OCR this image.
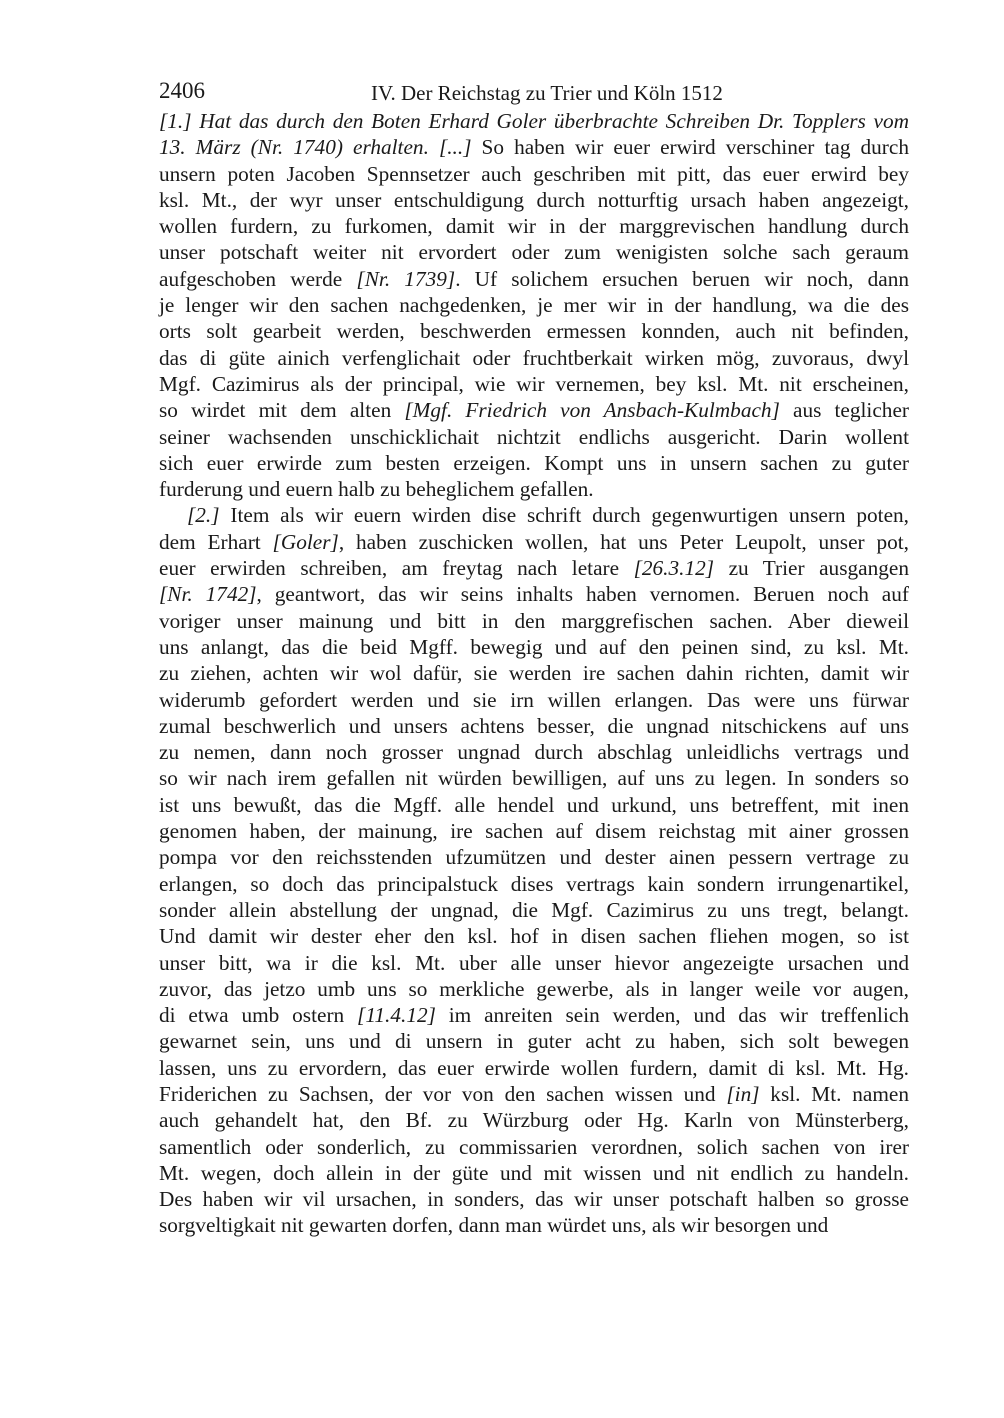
2406	IV. Der Reichstag zu Trier und Köln 1512
[1.] Hat das durch den Boten Erhard Goler überbrachte Schreiben Dr. Topplers vom
13. März (Nr. 1740) erhalten. [...] So haben wir euer erwird verschiner tag durch
unsern poten Jacoben Spennsetzer auch geschriben mit pitt, das euer erwird bey
ksl. Mt., der wyr unser entschuldigung durch notturftig ursach haben angezeigt,
wollen furdern, zu furkomen, damit wir in der marggrevischen handlung durch
unser potschaft weiter nit ervordert oder zum wenigisten solche sach geraum
aufgeschoben werde [Nr. 1739]. Uf solichem ersuchen beruen wir noch, dann
je lenger wir den sachen nachgedenken, je mer wir in der handlung, wa die des
orts solt gearbeit werden, beschwerden ermessen konnden, auch nit befinden,
das di güte ainich verfenglichait oder fruchtberkait wirken mög, zuvoraus, dwyl
Mgf. Cazimirus als der principal, wie wir vernemen, bey ksl. Mt. nit erscheinen,
so wirdet mit dem alten [Mgf. Friedrich von Ansbach-Kulmbach] aus teglicher
seiner wachsenden unschicklichait nichtzit endlichs ausgericht. Darin wollent
sich euer erwirde zum besten erzeigen. Kompt uns in unsern sachen zu guter
furderung und euern halb zu beheglichem gefallen.
[2.] Item als wir euern wirden dise schrift durch gegenwurtigen unsern poten,
dem Erhart [Goler], haben zuschicken wollen, hat uns Peter Leupolt, unser pot,
euer erwirden schreiben, am freytag nach letare [26.3.12] zu Trier ausgangen
[Nr. 1742], geantwort, das wir seins inhalts haben vernomen. Beruen noch auf
voriger unser mainung und bitt in den marggrefischen sachen. Aber dieweil
uns anlangt, das die beid Mgff. bewegig und auf den peinen sind, zu ksl. Mt.
zu ziehen, achten wir wol dafür, sie werden ire sachen dahin richten, damit wir
widerumb gefordert werden und sie irn willen erlangen. Das were uns fürwar
zumal beschwerlich und unsers achtens besser, die ungnad nitschickens auf uns
zu nemen, dann noch grosser ungnad durch abschlag unleidlichs vertrags und
so wir nach irem gefallen nit würden bewilligen, auf uns zu legen. In sonders so
ist uns bewußt, das die Mgff. alle hendel und urkund, uns betreffent, mit inen
genomen haben, der mainung, ire sachen auf disem reichstag mit ainer grossen
pompa vor den reichsstenden ufzumützen und dester ainen pessern vertrage zu
erlangen, so doch das principalstuck dises vertrags kain sondern irrungenartikel,
sonder allein abstellung der ungnad, die Mgf. Cazimirus zu uns tregt, belangt.
Und damit wir dester eher den ksl. hof in disen sachen fliehen mogen, so ist
unser bitt, wa ir die ksl. Mt. uber alle unser hievor angezeigte ursachen und
zuvor, das jetzo umb uns so merkliche gewerbe, als in langer weile vor augen,
di etwa umb ostern [11.4.12] im anreiten sein werden, und das wir treffenlich
gewarnet sein, uns und di unsern in guter acht zu haben, sich solt bewegen
lassen, uns zu ervordern, das euer erwirde wollen furdern, damit di ksl. Mt. Hg.
Friderichen zu Sachsen, der vor von den sachen wissen und [in] ksl. Mt. namen
auch gehandelt hat, den Bf. zu Würzburg oder Hg. Karln von Münsterberg,
samentlich oder sonderlich, zu commissarien verordnen, solich sachen von irer
Mt. wegen, doch allein in der güte und mit wissen und nit endlich zu handeln.
Des haben wir vil ursachen, in sonders, das wir unser potschaft halben so grosse
sorgveltigkait nit gewarten dorfen, dann man würdet uns, als wir besorgen und
